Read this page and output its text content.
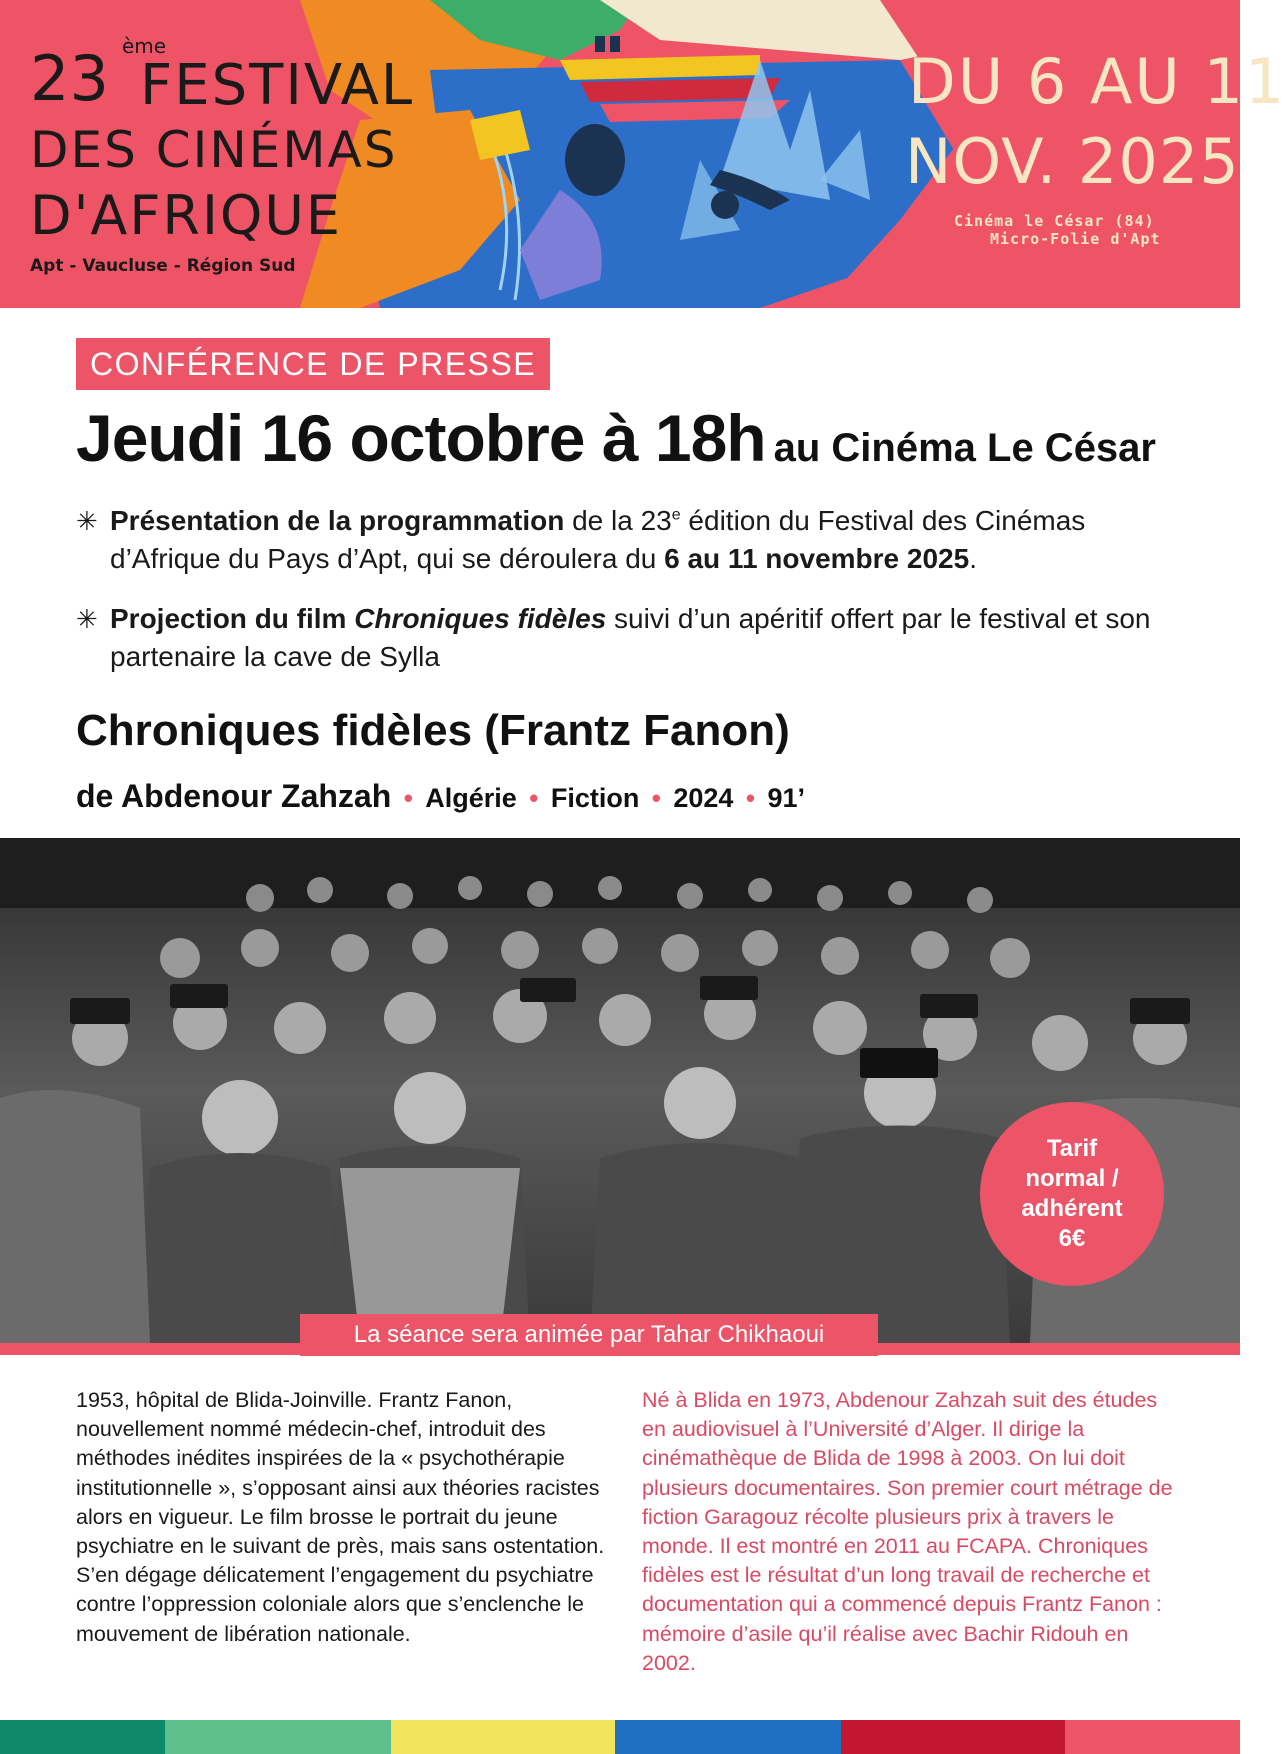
23 ème
FESTIVAL
DES CINÉMAS
D'AFRIQUE
Apt - Vaucluse - Région Sud
DU 6 AU 11
NOV. 2025
Cinéma le César (84)
Micro-Folie d'Apt
CONFÉRENCE DE PRESSE
Jeudi 16 octobre à 18h au Cinéma Le César
✳ Présentation de la programmation de la 23e édition du Festival des Cinémas d’Afrique du Pays d’Apt, qui se déroulera du 6 au 11 novembre 2025.
✳ Projection du film Chroniques fidèles suivi d’un apéritif offert par le festival et son partenaire la cave de Sylla
Chroniques fidèles (Frantz Fanon)
de Abdenour Zahzah • Algérie • Fiction • 2024 • 91’
Tarif normal / adhérent 6€
La séance sera animée par Tahar Chikhaoui

1953, hôpital de Blida-Joinville. Frantz Fanon, nouvellement nommé médecin-chef, introduit des méthodes inédites inspirées de la « psychothérapie institutionnelle », s’opposant ainsi aux théories racistes alors en vigueur. Le film brosse le portrait du jeune psychiatre en le suivant de près, mais sans ostentation. S’en dégage délicatement l’engagement du psychiatre contre l’oppression coloniale alors que s’enclenche le mouvement de libération nationale.

Né à Blida en 1973, Abdenour Zahzah suit des études en audiovisuel à l’Université d’Alger. Il dirige la cinémathèque de Blida de 1998 à 2003. On lui doit plusieurs documentaires. Son premier court métrage de fiction Garagouz récolte plusieurs prix à travers le monde. Il est montré en 2011 au FCAPA. Chroniques fidèles est le résultat d’un long travail de recherche et documentation qui a commencé depuis Frantz Fanon : mémoire d’asile qu’il réalise avec Bachir Ridouh en 2002.
